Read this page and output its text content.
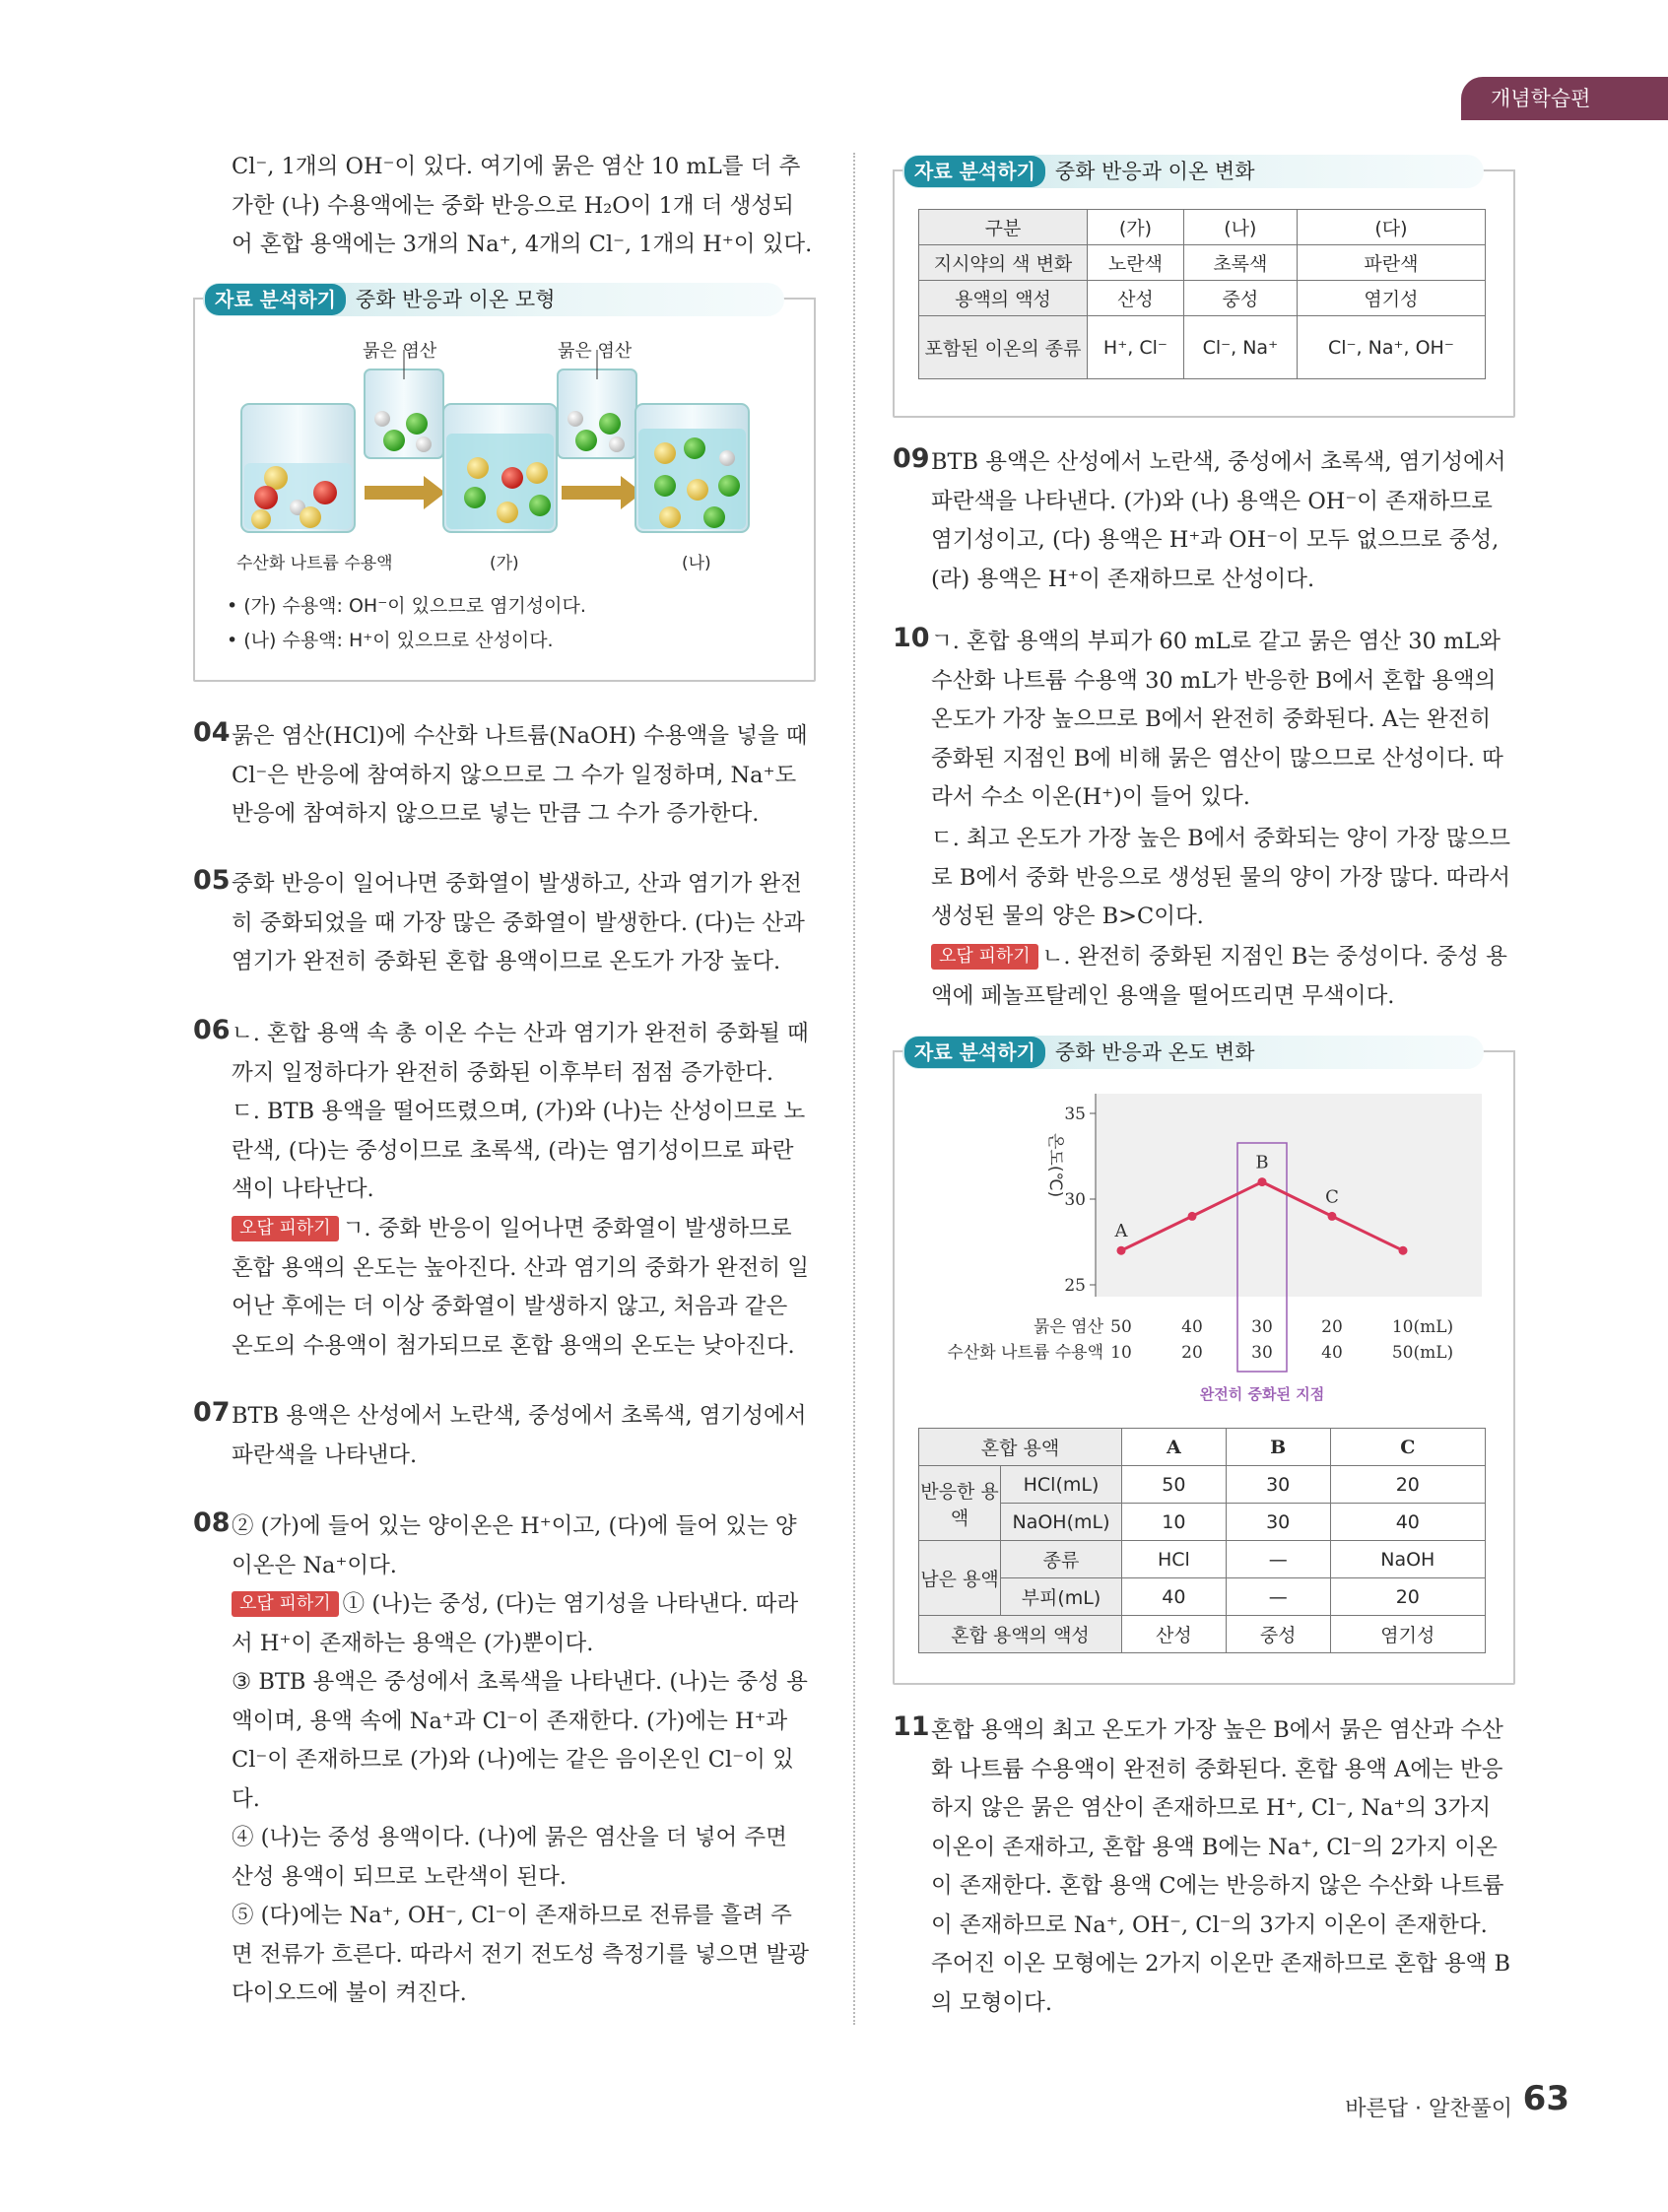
개념학습편
Cl⁻, 1개의 OH⁻이 있다. 여기에 묽은 염산 10 mL를 더 추가한 (나) 수용액에는 중화 반응으로 H₂O이 1개 더 생성되어 혼합 용액에는 3개의 Na⁺, 4개의 Cl⁻, 1개의 H⁺이 있다.
자료 분석하기 중화 반응과 이온 모형
묽은 염산	묽은 염산
수산화 나트륨 수용액	(가)	(나)
• (가) 수용액: OH⁻이 있으므로 염기성이다.
• (나) 수용액: H⁺이 있으므로 산성이다.
04 묽은 염산(HCl)에 수산화 나트륨(NaOH) 수용액을 넣을 때 Cl⁻은 반응에 참여하지 않으므로 그 수가 일정하며, Na⁺도 반응에 참여하지 않으므로 넣는 만큼 그 수가 증가한다.
05 중화 반응이 일어나면 중화열이 발생하고, 산과 염기가 완전히 중화되었을 때 가장 많은 중화열이 발생한다. (다)는 산과 염기가 완전히 중화된 혼합 용액이므로 온도가 가장 높다.
06 ㄴ. 혼합 용액 속 총 이온 수는 산과 염기가 완전히 중화될 때까지 일정하다가 완전히 중화된 이후부터 점점 증가한다.
ㄷ. BTB 용액을 떨어뜨렸으며, (가)와 (나)는 산성이므로 노란색, (다)는 중성이므로 초록색, (라)는 염기성이므로 파란색이 나타난다.
오답 피하기 ㄱ. 중화 반응이 일어나면 중화열이 발생하므로 혼합 용액의 온도는 높아진다. 산과 염기의 중화가 완전히 일어난 후에는 더 이상 중화열이 발생하지 않고, 처음과 같은 온도의 수용액이 첨가되므로 혼합 용액의 온도는 낮아진다.
07 BTB 용액은 산성에서 노란색, 중성에서 초록색, 염기성에서 파란색을 나타낸다.
08 ② (가)에 들어 있는 양이온은 H⁺이고, (다)에 들어 있는 양이온은 Na⁺이다.
오답 피하기 ① (나)는 중성, (다)는 염기성을 나타낸다. 따라서 H⁺이 존재하는 용액은 (가)뿐이다.
③ BTB 용액은 중성에서 초록색을 나타낸다. (나)는 중성 용액이며, 용액 속에 Na⁺과 Cl⁻이 존재한다. (가)에는 H⁺과 Cl⁻이 존재하므로 (가)와 (나)에는 같은 음이온인 Cl⁻이 있다.
④ (나)는 중성 용액이다. (나)에 묽은 염산을 더 넣어 주면 산성 용액이 되므로 노란색이 된다.
⑤ (다)에는 Na⁺, OH⁻, Cl⁻이 존재하므로 전류를 흘려 주면 전류가 흐른다. 따라서 전기 전도성 측정기를 넣으면 발광 다이오드에 불이 켜진다.
자료 분석하기 중화 반응과 이온 변화
구분	(가)	(나)	(다)
지시약의 색 변화	노란색	초록색	파란색
용액의 액성	산성	중성	염기성
포함된 이온의 종류	H⁺, Cl⁻	Cl⁻, Na⁺	Cl⁻, Na⁺, OH⁻
09 BTB 용액은 산성에서 노란색, 중성에서 초록색, 염기성에서 파란색을 나타낸다. (가)와 (나) 용액은 OH⁻이 존재하므로 염기성이고, (다) 용액은 H⁺과 OH⁻이 모두 없으므로 중성, (라) 용액은 H⁺이 존재하므로 산성이다.
10 ㄱ. 혼합 용액의 부피가 60 mL로 같고 묽은 염산 30 mL와 수산화 나트륨 수용액 30 mL가 반응한 B에서 혼합 용액의 온도가 가장 높으므로 B에서 완전히 중화된다. A는 완전히 중화된 지점인 B에 비해 묽은 염산이 많으므로 산성이다. 따라서 수소 이온(H⁺)이 들어 있다.
ㄷ. 최고 온도가 가장 높은 B에서 중화되는 양이 가장 많으므로 B에서 중화 반응으로 생성된 물의 양이 가장 많다. 따라서 생성된 물의 양은 B>C이다.
오답 피하기 ㄴ. 완전히 중화된 지점인 B는 중성이다. 중성 용액에 페놀프탈레인 용액을 떨어뜨리면 무색이다.
자료 분석하기 중화 반응과 온도 변화
온도(℃)
25
30
35
50	40	30	20	10(mL)
10	20	30	40	50(mL)
A
B
C
묽은 염산
수산화 나트륨 수용액
완전히 중화된 지점
혼합 용액		A	B	C
반응한 용액	HCl(mL)	50	30	20
	NaOH(mL)	10	30	40
남은 용액	종류	HCl	—	NaOH
	부피(mL)	40	—	20
혼합 용액의 액성		산성	중성	염기성
11 혼합 용액의 최고 온도가 가장 높은 B에서 묽은 염산과 수산화 나트륨 수용액이 완전히 중화된다. 혼합 용액 A에는 반응하지 않은 묽은 염산이 존재하므로 H⁺, Cl⁻, Na⁺의 3가지 이온이 존재하고, 혼합 용액 B에는 Na⁺, Cl⁻의 2가지 이온이 존재한다. 혼합 용액 C에는 반응하지 않은 수산화 나트륨이 존재하므로 Na⁺, OH⁻, Cl⁻의 3가지 이온이 존재한다. 주어진 이온 모형에는 2가지 이온만 존재하므로 혼합 용액 B의 모형이다.
바른답 · 알찬풀이 63
